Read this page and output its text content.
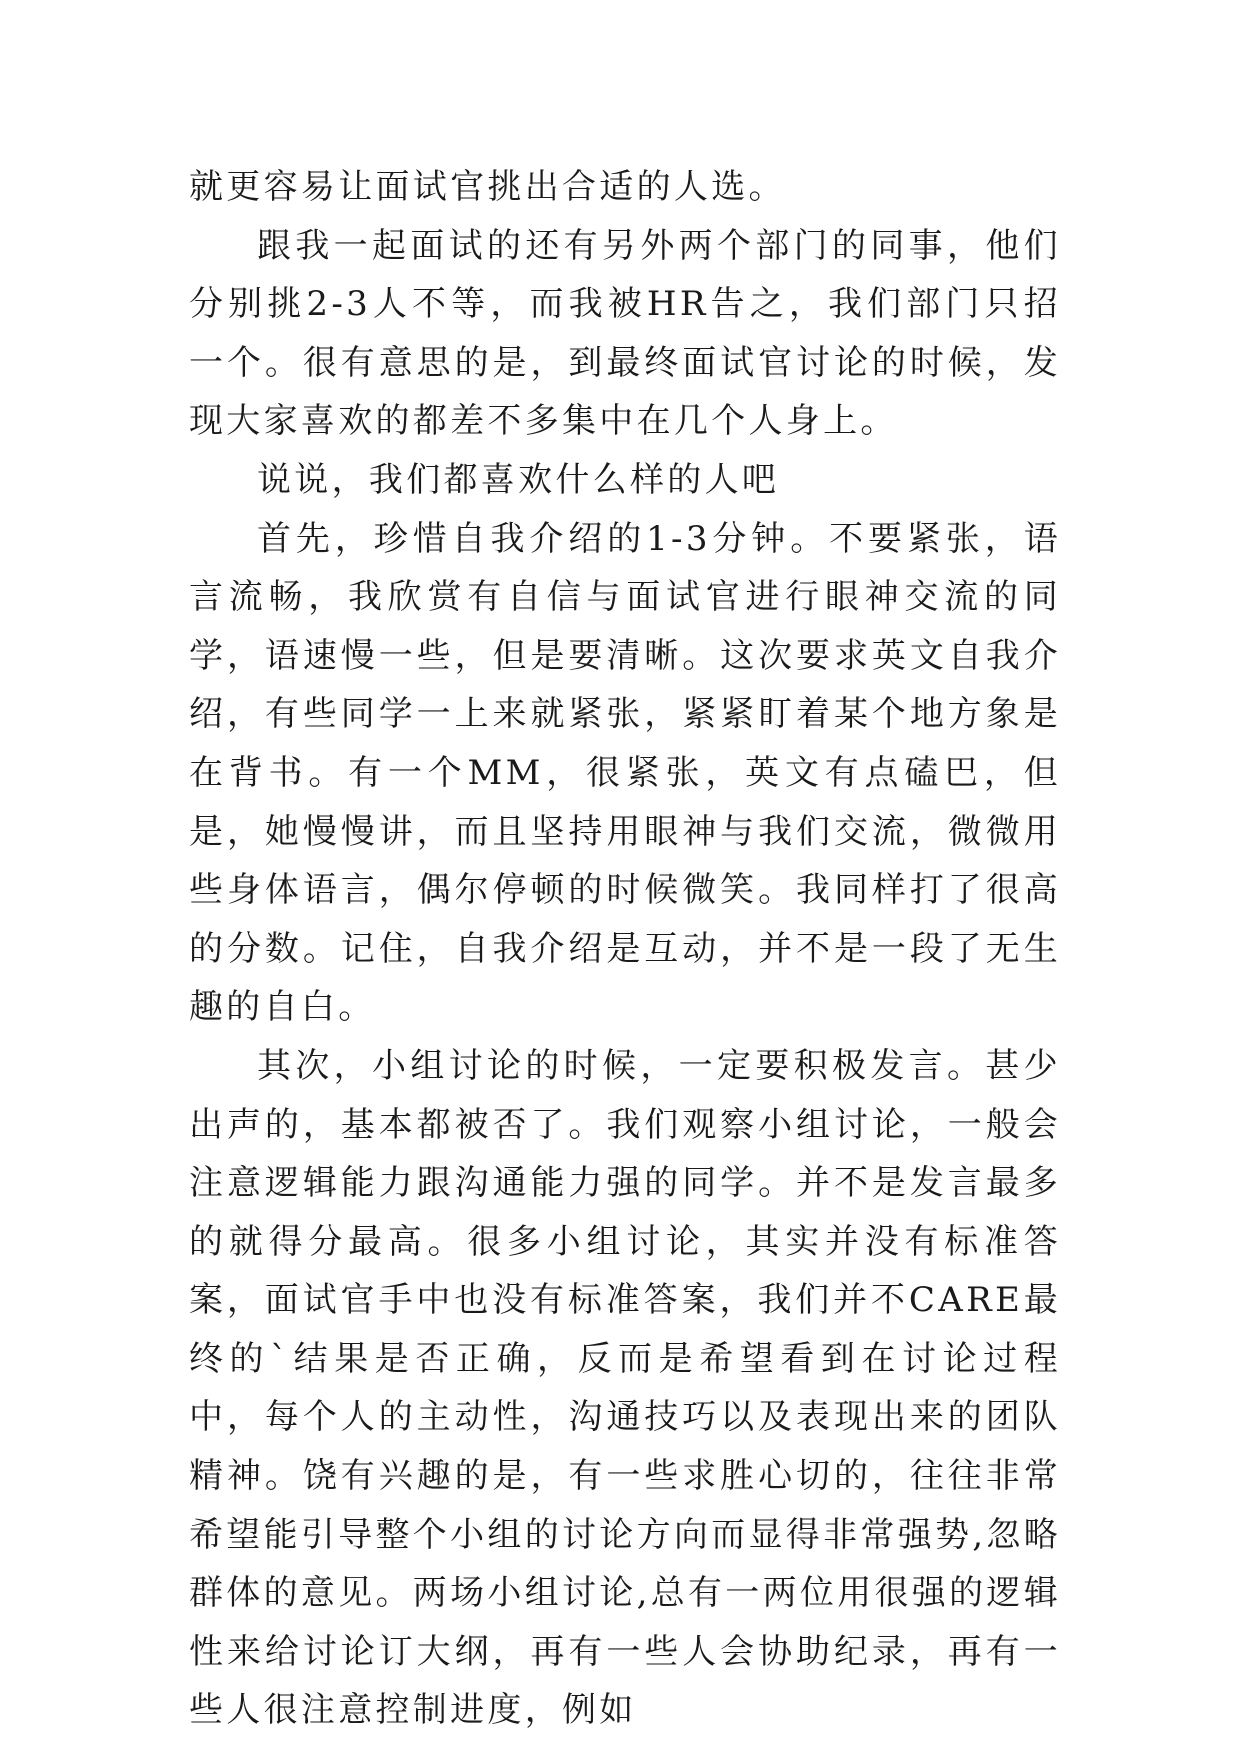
就更容易让面试官挑出合适的人选。

跟我一起面试的还有另外两个部门的同事，他们分别挑2-3人不等，而我被HR告之，我们部门只招一个。很有意思的是，到最终面试官讨论的时候，发现大家喜欢的都差不多集中在几个人身上。

说说，我们都喜欢什么样的人吧

首先，珍惜自我介绍的1-3分钟。不要紧张，语言流畅，我欣赏有自信与面试官进行眼神交流的同学，语速慢一些，但是要清晰。这次要求英文自我介绍，有些同学一上来就紧张，紧紧盯着某个地方象是在背书。有一个MM，很紧张，英文有点磕巴，但是，她慢慢讲，而且坚持用眼神与我们交流，微微用些身体语言，偶尔停顿的时候微笑。我同样打了很高的分数。记住，自我介绍是互动，并不是一段了无生趣的自白。

其次，小组讨论的时候，一定要积极发言。甚少出声的，基本都被否了。我们观察小组讨论，一般会注意逻辑能力跟沟通能力强的同学。并不是发言最多的就得分最高。很多小组讨论，其实并没有标准答案，面试官手中也没有标准答案，我们并不CARE最终的`结果是否正确，反而是希望看到在讨论过程中，每个人的主动性，沟通技巧以及表现出来的团队精神。饶有兴趣的是，有一些求胜心切的，往往非常希望能引导整个小组的讨论方向而显得非常强势,忽略群体的意见。两场小组讨论,总有一两位用很强的逻辑性来给讨论订大纲，再有一些人会协助纪录，再有一些人很注意控制进度，例如
